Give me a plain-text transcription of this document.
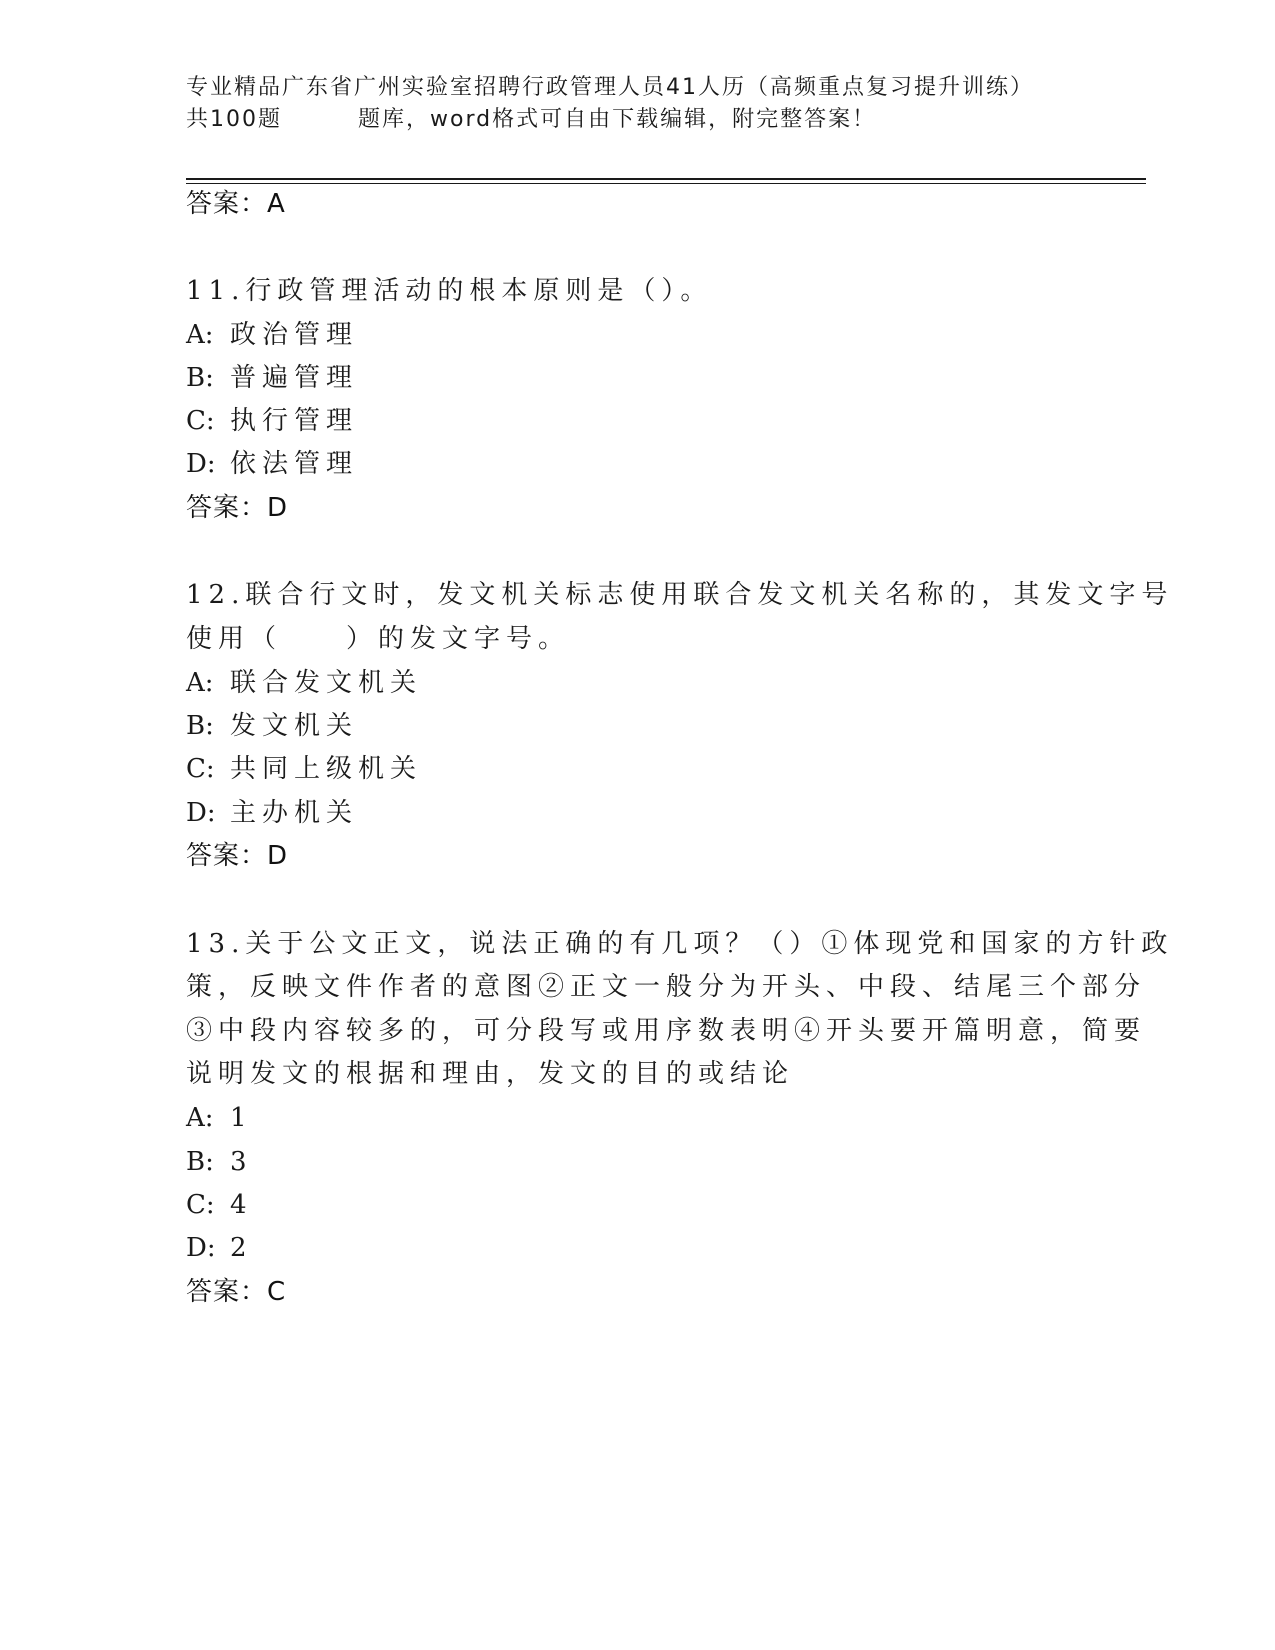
专业精品广东省广州实验室招聘行政管理人员41人历（高频重点复习提升训练）
共100题	题库，word格式可自由下载编辑，附完整答案！
答案：A
11.行政管理活动的根本原则是（）。
A: 政治管理
B: 普遍管理
C: 执行管理
D: 依法管理
答案：D
12.联合行文时，发文机关标志使用联合发文机关名称的，其发文字号
使用（　　）的发文字号。
A: 联合发文机关
B: 发文机关
C: 共同上级机关
D: 主办机关
答案：D
13.关于公文正文，说法正确的有几项？（）①体现党和国家的方针政
策，反映文件作者的意图②正文一般分为开头、中段、结尾三个部分
③中段内容较多的，可分段写或用序数表明④开头要开篇明意，简要
说明发文的根据和理由，发文的目的或结论
A: 1
B: 3
C: 4
D: 2
答案：C
